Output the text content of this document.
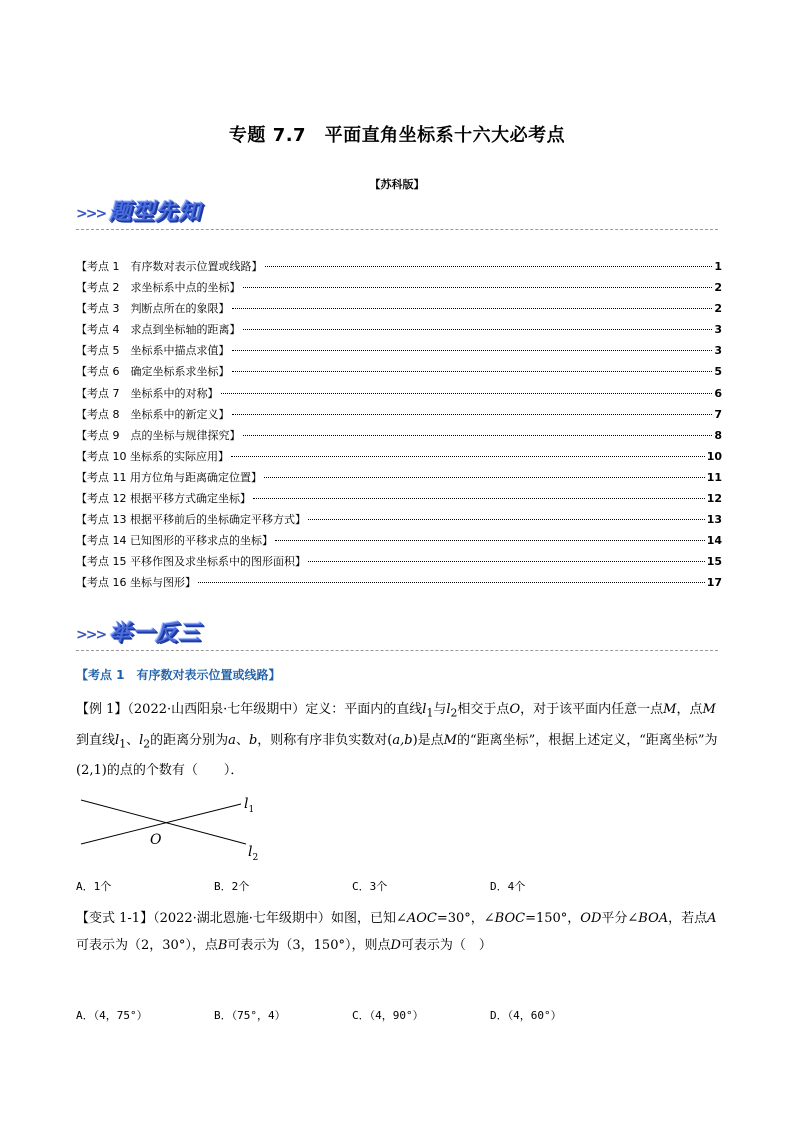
专题 7.7　平面直角坐标系十六大必考点
【苏科版】
>>> 题型先知
【考点 1　有序数对表示位置或线路】	1
【考点 2　求坐标系中点的坐标】	2
【考点 3　判断点所在的象限】	2
【考点 4　求点到坐标轴的距离】	3
【考点 5　坐标系中描点求值】	3
【考点 6　确定坐标系求坐标】	5
【考点 7　坐标系中的对称】	6
【考点 8　坐标系中的新定义】	7
【考点 9　点的坐标与规律探究】	8
【考点 10 坐标系的实际应用】	10
【考点 11 用方位角与距离确定位置】	11
【考点 12 根据平移方式确定坐标】	12
【考点 13 根据平移前后的坐标确定平移方式】	13
【考点 14 已知图形的平移求点的坐标】	14
【考点 15 平移作图及求坐标系中的图形面积】	15
【考点 16 坐标与图形】	17
>>> 举一反三
【考点 1　有序数对表示位置或线路】
【例 1】（2022·山西阳泉·七年级期中）定义：平面内的直线$l_1$与$l_2$相交于点O，对于该平面内任意一点M，点M到直线$l_1$、$l_2$的距离分别为a、b，则称有序非负实数对(a,b)是点M的“距离坐标”，根据上述定义，“距离坐标”为(2,1)的点的个数有（　　）．
$l_1$
$l_2$
O
A．1个	B．2个	C．3个	D．4个
【变式 1-1】（2022·湖北恩施·七年级期中）如图，已知∠AOC=30°，∠BOC=150°，OD平分∠BOA，若点A可表示为（2，30°），点B可表示为（3，150°），则点D可表示为（　）
A．（4，75°）	B．（75°，4）	C．（4，90°）	D．（4，60°）
